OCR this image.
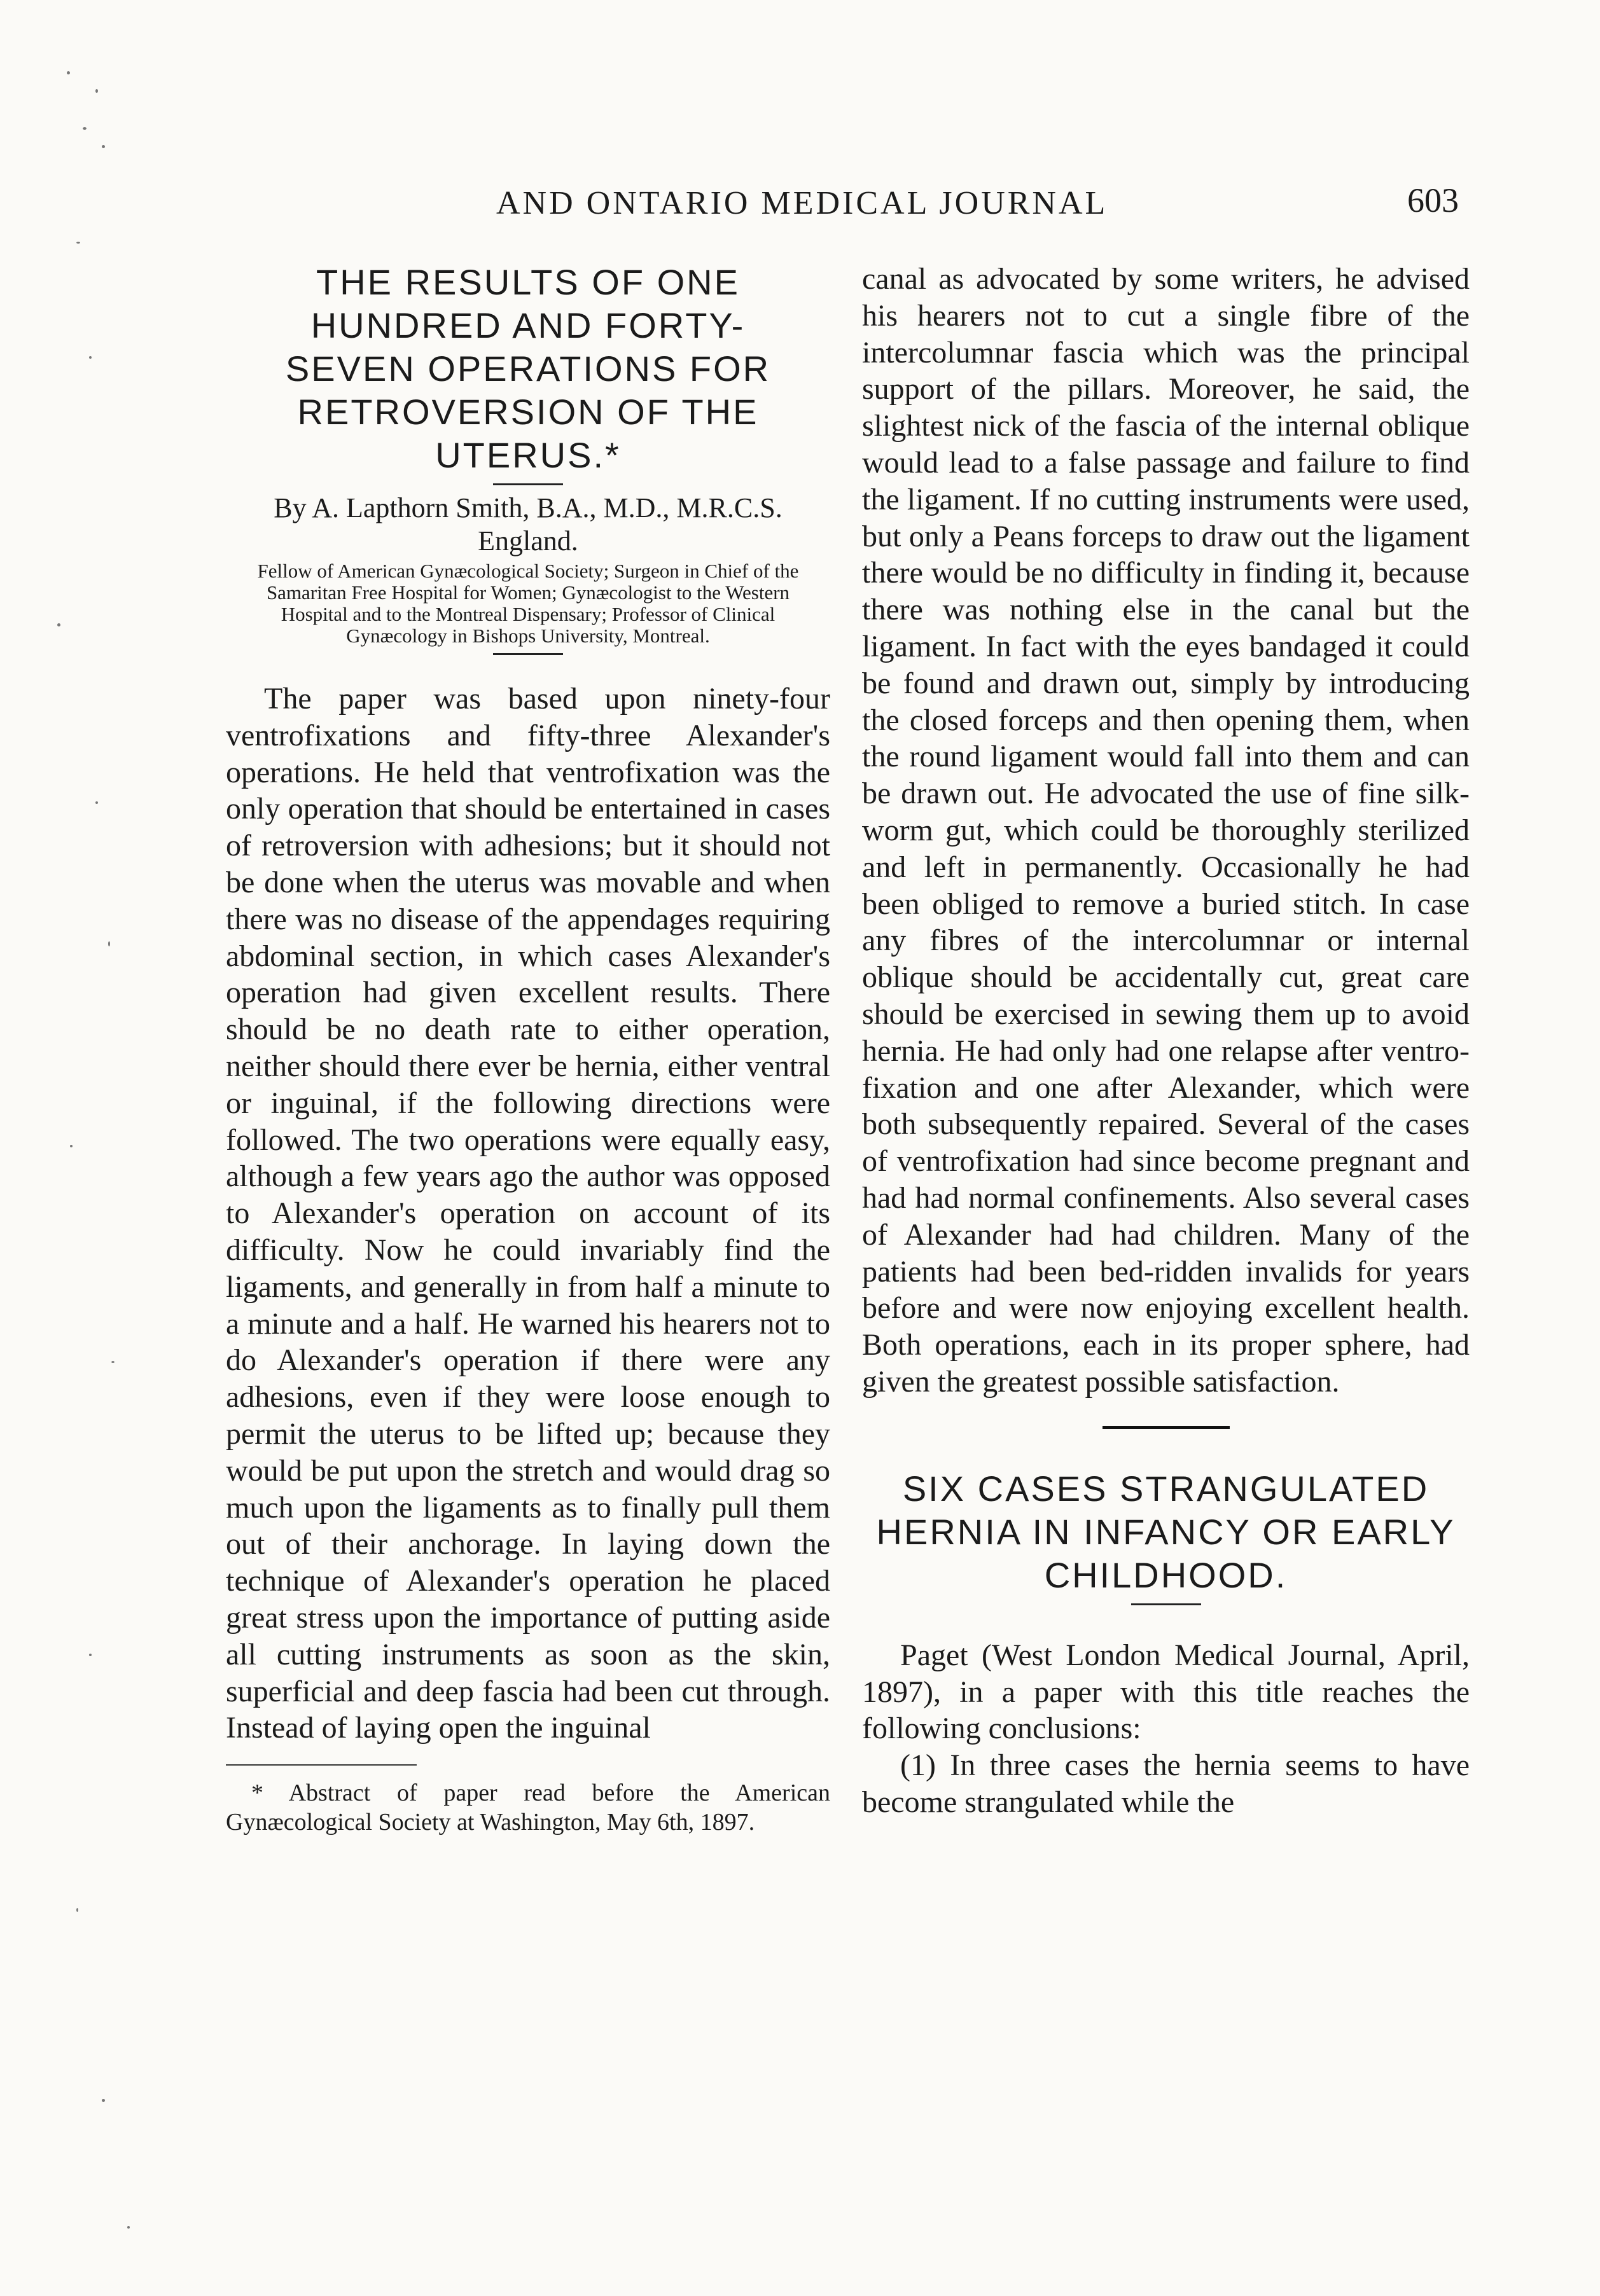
AND ONTARIO MEDICAL JOURNAL	603
THE RESULTS OF ONE HUNDRED AND FORTY-SEVEN OPERATIONS FOR RETROVERSION OF THE UTERUS.*

By A. Lapthorn Smith, B.A., M.D., M.R.C.S. England.

Fellow of American Gynæcological Society; Surgeon in Chief of the Samaritan Free Hospital for Women; Gynæcologist to the Western Hospital and to the Montreal Dispensary; Professor of Clinical Gynæcology in Bishops University, Montreal.

The paper was based upon ninety-four ventrofixations and fifty-three Alexander's operations. He held that ventrofixation was the only operation that should be entertained in cases of retroversion with adhesions; but it should not be done when the uterus was movable and when there was no disease of the appendages requiring abdominal section, in which cases Alexander's operation had given excellent results. There should be no death rate to either operation, neither should there ever be hernia, either ventral or inguinal, if the following directions were followed. The two operations were equally easy, although a few years ago the author was opposed to Alexander's operation on account of its difficulty. Now he could invariably find the ligaments, and generally in from half a minute to a minute and a half. He warned his hearers not to do Alexander's operation if there were any adhesions, even if they were loose enough to permit the uterus to be lifted up; because they would be put upon the stretch and would drag so much upon the ligaments as to finally pull them out of their anchorage. In laying down the technique of Alexander's operation he placed great stress upon the importance of putting aside all cutting instruments as soon as the skin, superficial and deep fascia had been cut through. Instead of laying open the inguinal

* Abstract of paper read before the American Gynæcological Society at Washington, May 6th, 1897.

canal as advocated by some writers, he advised his hearers not to cut a single fibre of the intercolumnar fascia which was the principal support of the pillars. Moreover, he said, the slightest nick of the fascia of the internal oblique would lead to a false passage and failure to find the ligament. If no cutting instruments were used, but only a Peans forceps to draw out the ligament there would be no difficulty in finding it, because there was nothing else in the canal but the ligament. In fact with the eyes bandaged it could be found and drawn out, simply by introducing the closed forceps and then opening them, when the round ligament would fall into them and can be drawn out. He advocated the use of fine silk-worm gut, which could be thoroughly sterilized and left in permanently. Occasionally he had been obliged to remove a buried stitch. In case any fibres of the intercolumnar or internal oblique should be accidentally cut, great care should be exercised in sewing them up to avoid hernia. He had only had one relapse after ventrofixation and one after Alexander, which were both subsequently repaired. Several of the cases of ventrofixation had since become pregnant and had had normal confinements. Also several cases of Alexander had had children. Many of the patients had been bed-ridden invalids for years before and were now enjoying excellent health. Both operations, each in its proper sphere, had given the greatest possible satisfaction.

SIX CASES STRANGULATED HERNIA IN INFANCY OR EARLY CHILDHOOD.

Paget (West London Medical Journal, April, 1897), in a paper with this title reaches the following conclusions:

(1) In three cases the hernia seems to have become strangulated while the
